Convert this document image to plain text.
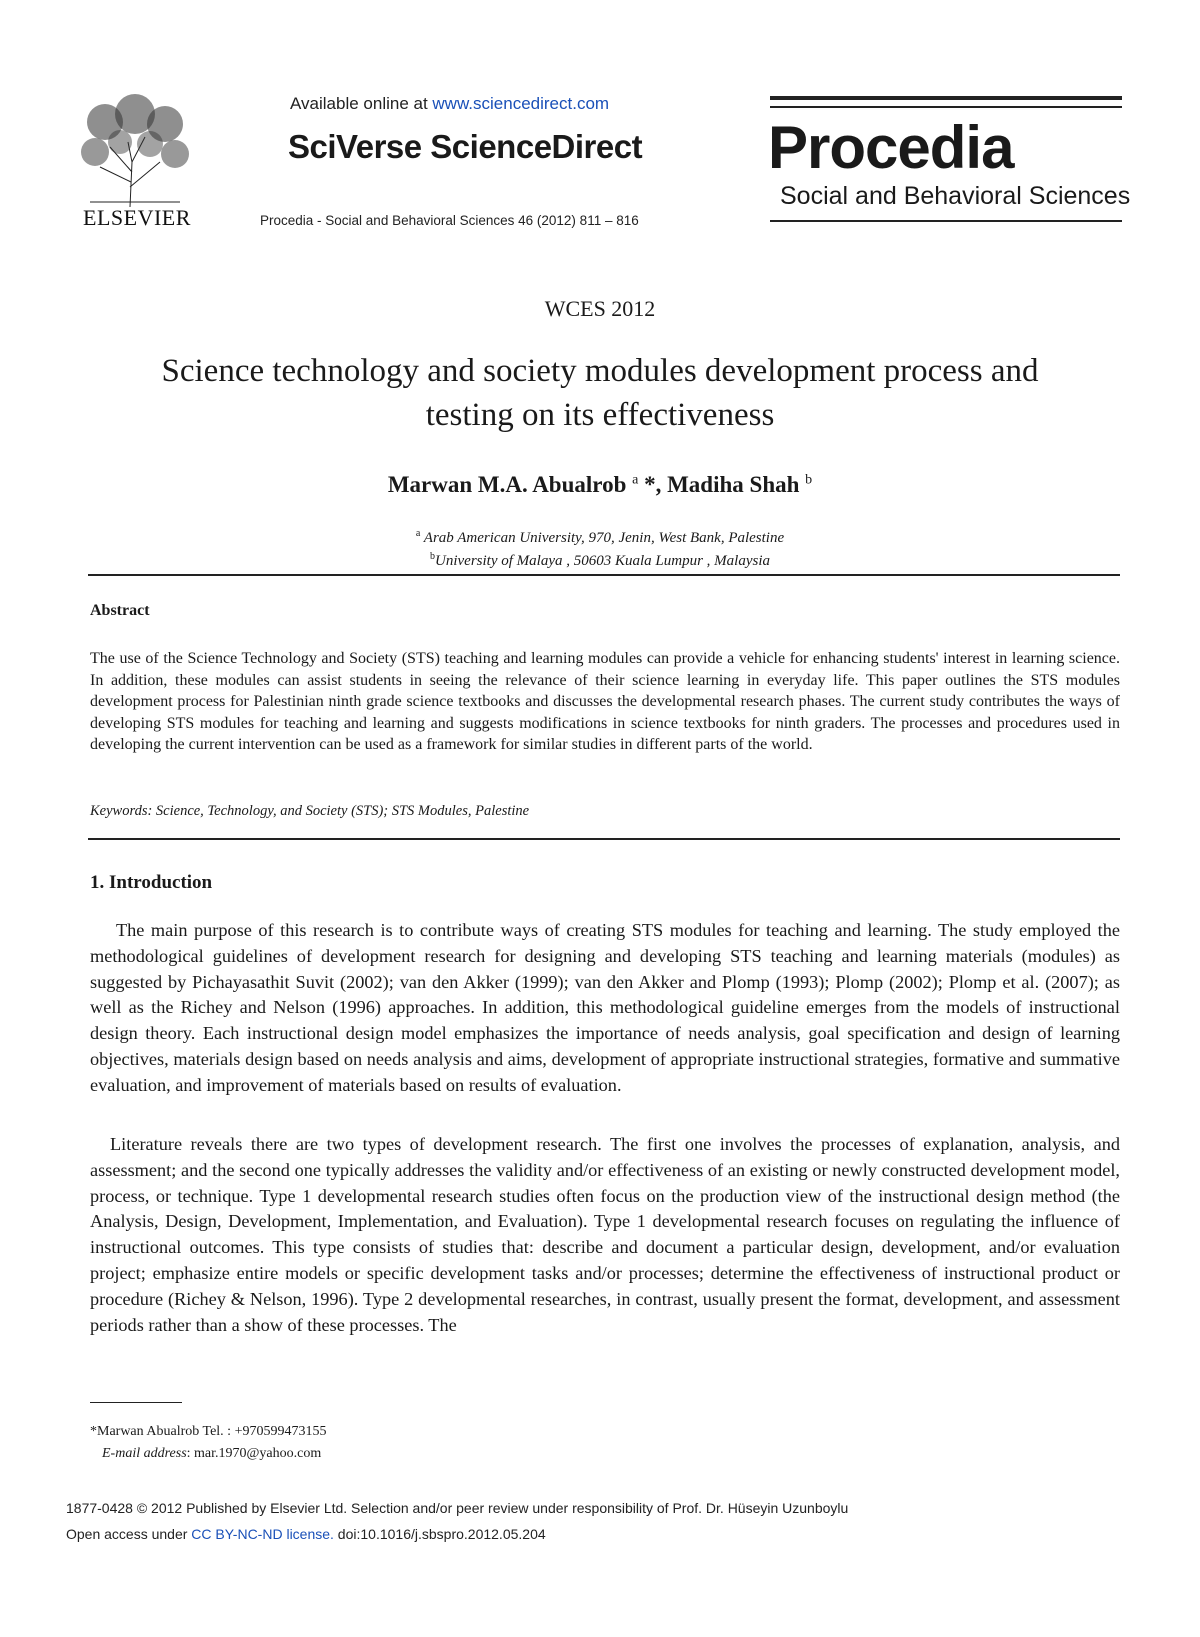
ELSEVIER
Available online at www.sciencedirect.com
SciVerse ScienceDirect
Procedia - Social and Behavioral Sciences 46 (2012) 811 – 816
Procedia
Social and Behavioral Sciences
WCES 2012
Science technology and society modules development process and
testing on its effectiveness
Marwan M.A. Abualrob $^a$ *, Madiha Shah $^b$
$^a$ Arab American University, 970, Jenin, West Bank, Palestine
$^b$University of Malaya , 50603 Kuala Lumpur , Malaysia
Abstract
The use of the Science Technology and Society (STS) teaching and learning modules can provide a vehicle for enhancing students' interest in learning science. In addition, these modules can assist students in seeing the relevance of their science learning in everyday life. This paper outlines the STS modules development process for Palestinian ninth grade science textbooks and discusses the developmental research phases. The current study contributes the ways of developing STS modules for teaching and learning and suggests modifications in science textbooks for ninth graders. The processes and procedures used in developing the current intervention can be used as a framework for similar studies in different parts of the world.
Keywords: Science, Technology, and Society (STS); STS Modules, Palestine
1. Introduction
The main purpose of this research is to contribute ways of creating STS modules for teaching and learning. The study employed the methodological guidelines of development research for designing and developing STS teaching and learning materials (modules) as suggested by Pichayasathit Suvit (2002); van den Akker (1999); van den Akker and Plomp (1993); Plomp (2002); Plomp et al. (2007); as well as the Richey and Nelson (1996) approaches. In addition, this methodological guideline emerges from the models of instructional design theory. Each instructional design model emphasizes the importance of needs analysis, goal specification and design of learning objectives, materials design based on needs analysis and aims, development of appropriate instructional strategies, formative and summative evaluation, and improvement of materials based on results of evaluation.
Literature reveals there are two types of development research. The first one involves the processes of explanation, analysis, and assessment; and the second one typically addresses the validity and/or effectiveness of an existing or newly constructed development model, process, or technique. Type 1 developmental research studies often focus on the production view of the instructional design method (the Analysis, Design, Development, Implementation, and Evaluation). Type 1 developmental research focuses on regulating the influence of instructional outcomes. This type consists of studies that: describe and document a particular design, development, and/or evaluation project; emphasize entire models or specific development tasks and/or processes; determine the effectiveness of instructional product or procedure (Richey & Nelson, 1996). Type 2 developmental researches, in contrast, usually present the format, development, and assessment periods rather than a show of these processes. The
*Marwan Abualrob Tel. : +970599473155
E-mail address: mar.1970@yahoo.com
1877-0428 © 2012 Published by Elsevier Ltd. Selection and/or peer review under responsibility of Prof. Dr. Hüseyin Uzunboylu
Open access under CC BY-NC-ND license. doi:10.1016/j.sbspro.2012.05.204
